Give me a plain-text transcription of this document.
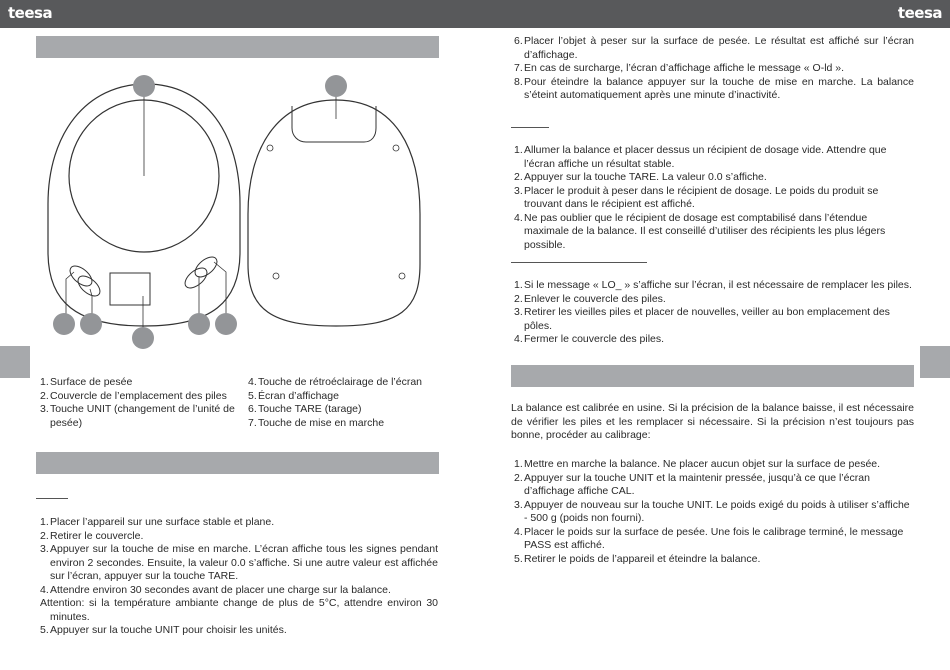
teesa	teesa
1. Surface de pesée
2. Couvercle de l’emplacement des piles
3. Touche UNIT (changement de l’unité de pesée)
4. Touche de rétroéclairage de l’écran
5. Écran d’affichage
6. Touche TARE (tarage)
7. Touche de mise en marche
1. Placer l’appareil sur une surface stable et plane.
2. Retirer le couvercle.
3. Appuyer sur la touche de mise en marche. L’écran affiche tous les signes pendant environ 2 secondes. Ensuite, la valeur 0.0 s’affiche. Si une autre valeur est affichée sur l’écran, appuyer sur la touche TARE.
4. Attendre environ 30 secondes avant de placer une charge sur la balance.
Attention: si la température ambiante change de plus de 5°C, attendre environ 30 minutes.
5. Appuyer sur la touche UNIT pour choisir les unités.
6. Placer l’objet à peser sur la surface de pesée. Le résultat est affiché sur l’écran d’affichage.
7. En cas de surcharge, l’écran d’affichage affiche le message « O-ld ».
8. Pour éteindre la balance appuyer sur la touche de mise en marche. La balance s’éteint automatiquement après une minute d’inactivité.
1. Allumer la balance et placer dessus un récipient de dosage vide. Attendre que l’écran affiche un résultat stable.
2. Appuyer sur la touche TARE. La valeur 0.0 s’affiche.
3. Placer le produit à peser dans le récipient de dosage. Le poids du produit se trouvant dans le récipient est affiché.
4. Ne pas oublier que le récipient de dosage est comptabilisé dans l’étendue maximale de la balance. Il est conseillé d’utiliser des récipients les plus légers possible.
1. Si le message « LO_ » s’affiche sur l’écran, il est nécessaire de remplacer les piles.
2. Enlever le couvercle des piles.
3. Retirer les vieilles piles et placer de nouvelles, veiller au bon emplacement des pôles.
4. Fermer le couvercle des piles.
La balance est calibrée en usine. Si la précision de la balance baisse, il est nécessaire de vérifier les piles et les remplacer si nécessaire. Si la précision n’est toujours pas bonne, procéder au calibrage:
1. Mettre en marche la balance. Ne placer aucun objet sur la surface de pesée.
2. Appuyer sur la touche UNIT et la maintenir pressée, jusqu’à ce que l’écran d’affichage affiche CAL.
3. Appuyer de nouveau sur la touche UNIT. Le poids exigé du poids à utiliser s’affiche - 500 g (poids non fourni).
4. Placer le poids sur la surface de pesée. Une fois le calibrage terminé, le message PASS est affiché.
5. Retirer le poids de l’appareil et éteindre la balance.
